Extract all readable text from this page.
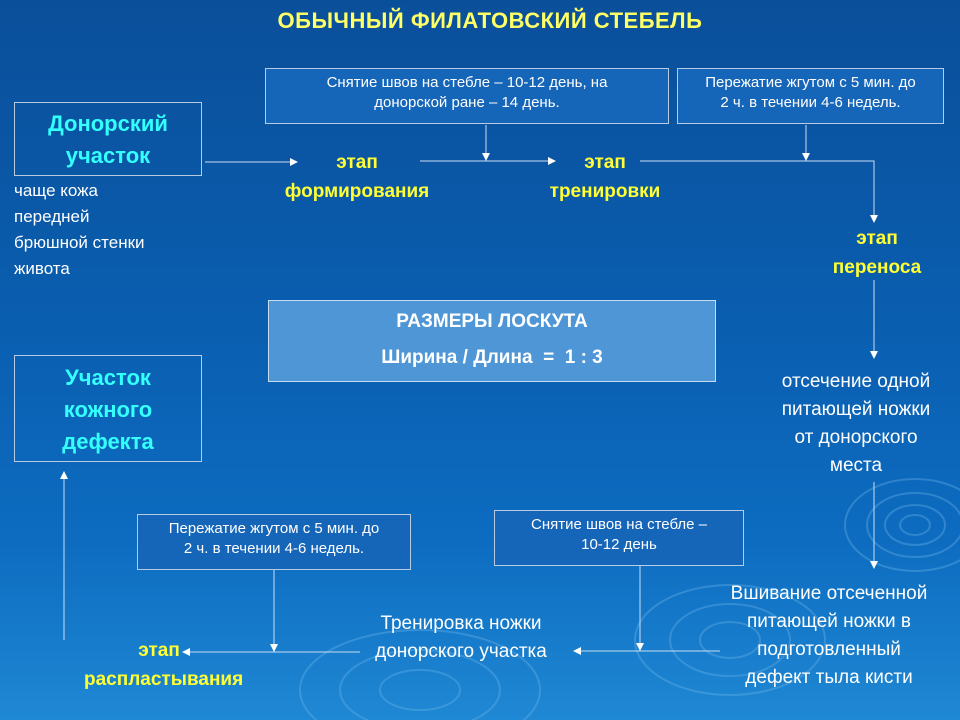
ОБЫЧНЫЙ ФИЛАТОВСКИЙ СТЕБЕЛЬ
Донорский
участок
чаще кожа
передней
брюшной стенки
живота
Снятие швов на стебле – 10-12 день, на
донорской ране – 14 день.
Пережатие жгутом с 5 мин. до
2 ч. в течении 4-6 недель.
этап
формирования
этап
тренировки
этап
переноса
РАЗМЕРЫ ЛОСКУТА
Ширина / Длина  =  1 : 3
Участок
кожного
дефекта
отсечение одной
питающей ножки
от донорского
места
Пережатие жгутом с 5 мин. до
2 ч. в течении 4-6 недель.
Снятие швов на стебле –
10-12 день
Вшивание отсеченной
питающей ножки в
подготовленный
дефект тыла кисти
Тренировка ножки
донорского участка
этап
распластывания
